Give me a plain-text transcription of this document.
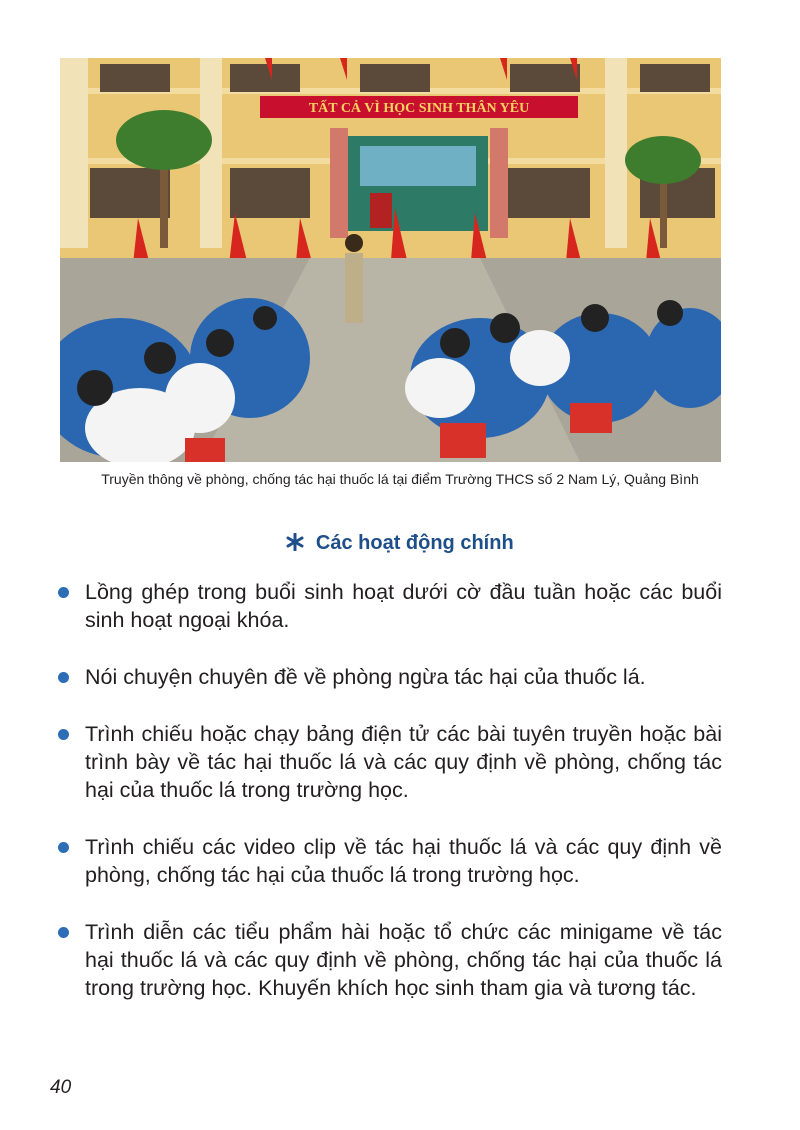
TẤT CẢ VÌ HỌC SINH THÂN YÊU
Truyền thông về phòng, chống tác hại thuốc lá tại điểm Trường THCS số 2 Nam Lý, Quảng Bình
Các hoạt động chính
Lồng ghép trong buổi sinh hoạt dưới cờ đầu tuần hoặc các buổi sinh hoạt ngoại khóa.
Nói chuyện chuyên đề về phòng ngừa tác hại của thuốc lá.
Trình chiếu hoặc chạy bảng điện tử các bài tuyên truyền hoặc bài trình bày về tác hại thuốc lá và các quy định về phòng, chống tác hại của thuốc lá trong trường học.
Trình chiếu các video clip về tác hại thuốc lá và các quy định về phòng, chống tác hại của thuốc lá trong trường học.
Trình diễn các tiểu phẩm hài hoặc tổ chức các minigame về tác hại thuốc lá và các quy định về phòng, chống tác hại của thuốc lá trong trường học. Khuyến khích học sinh tham gia và tương tác.
40
